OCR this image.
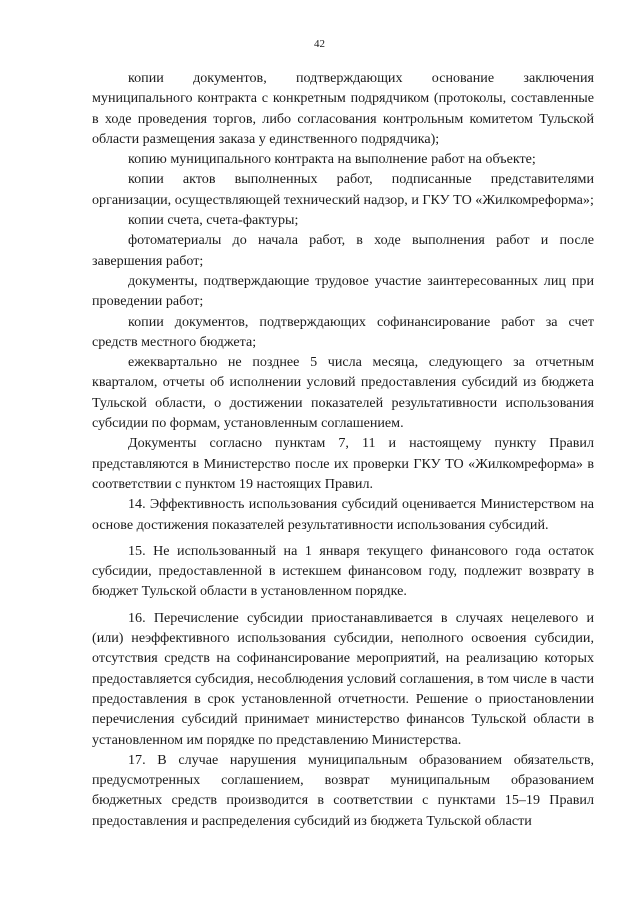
42

копии документов, подтверждающих основание заключения муниципального контракта с конкретным подрядчиком (протоколы, составленные в ходе проведения торгов, либо согласования контрольным комитетом Тульской области размещения заказа у единственного подрядчика);

копию муниципального контракта на выполнение работ на объекте;

копии актов выполненных работ, подписанные представителями организации, осуществляющей технический надзор, и ГКУ ТО «Жилкомреформа»;

копии счета, счета-фактуры;

фотоматериалы до начала работ, в ходе выполнения работ и после завершения работ;

документы, подтверждающие трудовое участие заинтересованных лиц при проведении работ;

копии документов, подтверждающих софинансирование работ за счет средств местного бюджета;

ежеквартально не позднее 5 числа месяца, следующего за отчетным кварталом, отчеты об исполнении условий предоставления субсидий из бюджета Тульской области, о достижении показателей результативности использования субсидии по формам, установленным соглашением.

Документы согласно пунктам 7, 11 и настоящему пункту Правил представляются в Министерство после их проверки ГКУ ТО «Жилкомреформа» в соответствии с пунктом 19 настоящих Правил.

14. Эффективность использования субсидий оценивается Министерством на основе достижения показателей результативности использования субсидий.

15. Не использованный на 1 января текущего финансового года остаток субсидии, предоставленной в истекшем финансовом году, подлежит возврату в бюджет Тульской области в установленном порядке.

16. Перечисление субсидии приостанавливается в случаях нецелевого и (или) неэффективного использования субсидии, неполного освоения субсидии, отсутствия средств на софинансирование мероприятий, на реализацию которых предоставляется субсидия, несоблюдения условий соглашения, в том числе в части предоставления в срок установленной отчетности. Решение о приостановлении перечисления субсидий принимает министерство финансов Тульской области в установленном им порядке по представлению Министерства.

17. В случае нарушения муниципальным образованием обязательств, предусмотренных соглашением, возврат муниципальным образованием бюджетных средств производится в соответствии с пунктами 15–19 Правил предоставления и распределения субсидий из бюджета Тульской области
